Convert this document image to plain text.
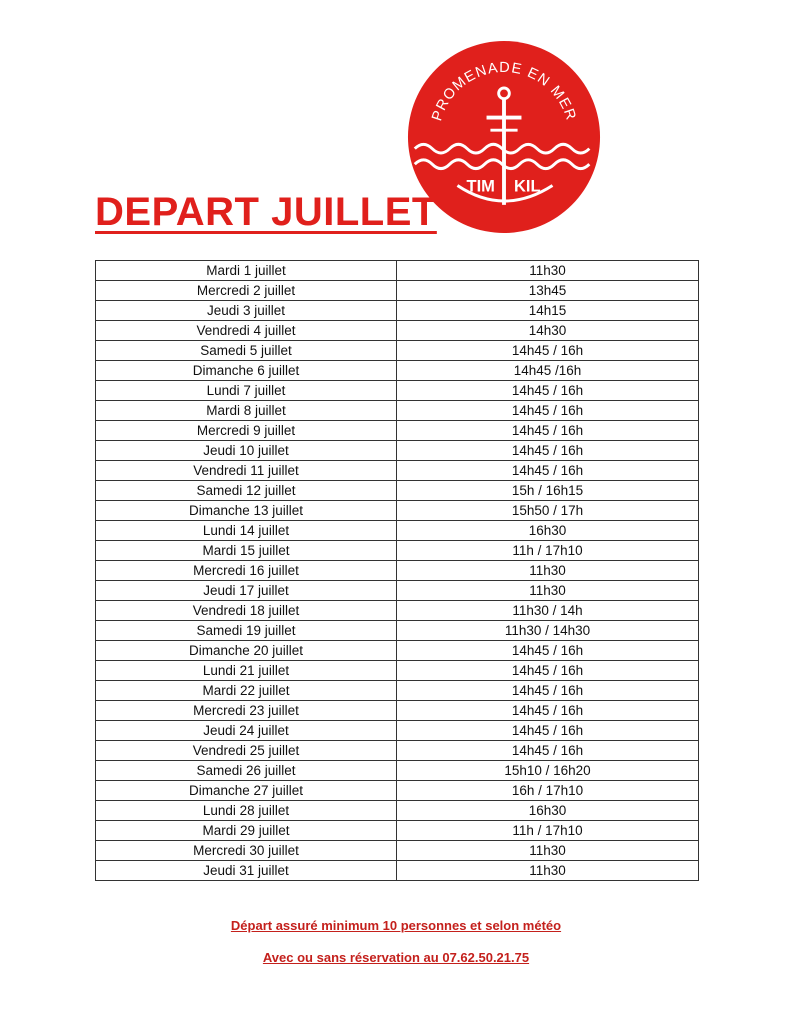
PROMENADE EN MER
TIM KIL
DEPART JUILLET
Mardi 1 juillet	11h30
Mercredi 2 juillet	13h45
Jeudi 3 juillet	14h15
Vendredi 4 juillet	14h30
Samedi 5 juillet	14h45 / 16h
Dimanche 6 juillet	14h45 /16h
Lundi 7 juillet	14h45 / 16h
Mardi 8 juillet	14h45 / 16h
Mercredi 9 juillet	14h45 / 16h
Jeudi 10 juillet	14h45 / 16h
Vendredi 11 juillet	14h45 / 16h
Samedi 12 juillet	15h / 16h15
Dimanche 13 juillet	15h50 / 17h
Lundi 14 juillet	16h30
Mardi 15 juillet	11h / 17h10
Mercredi 16 juillet	11h30
Jeudi 17 juillet	11h30
Vendredi 18 juillet	11h30 / 14h
Samedi 19 juillet	11h30 / 14h30
Dimanche 20 juillet	14h45 / 16h
Lundi 21 juillet	14h45 / 16h
Mardi 22 juillet	14h45 / 16h
Mercredi 23 juillet	14h45 / 16h
Jeudi 24 juillet	14h45 / 16h
Vendredi 25 juillet	14h45 / 16h
Samedi 26 juillet	15h10 / 16h20
Dimanche 27 juillet	16h / 17h10
Lundi 28 juillet	16h30
Mardi 29 juillet	11h / 17h10
Mercredi 30 juillet	11h30
Jeudi 31 juillet	11h30
Départ assuré minimum 10 personnes et selon météo
Avec ou sans réservation au 07.62.50.21.75
